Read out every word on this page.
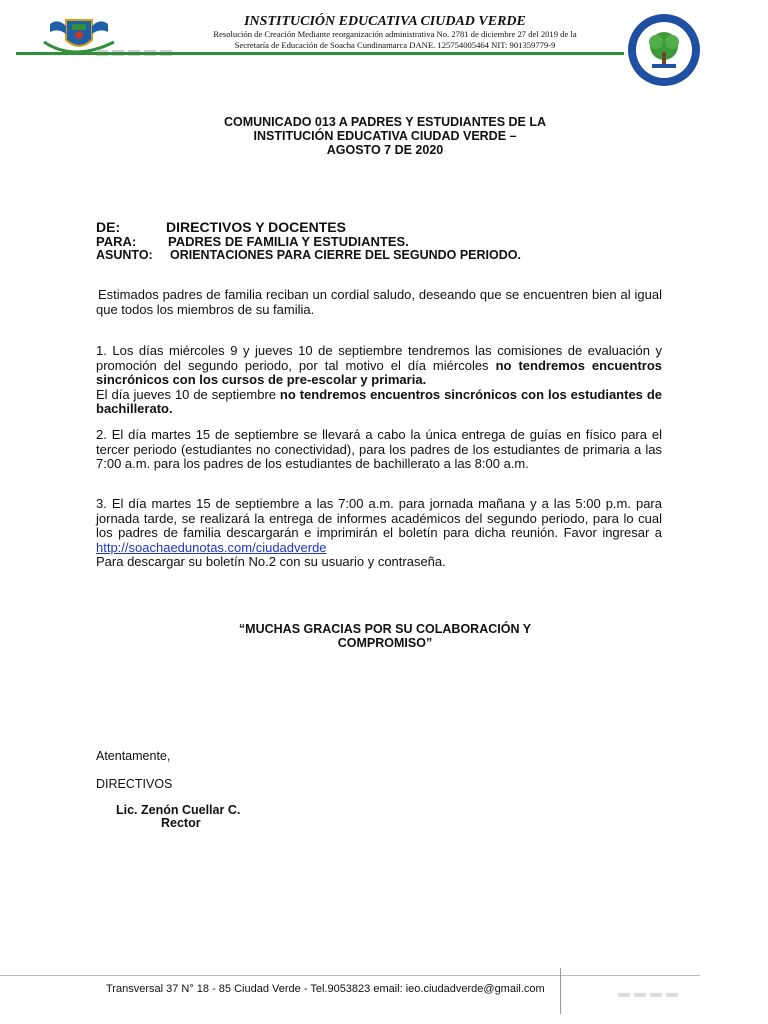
INSTITUCIÓN EDUCATIVA CIUDAD VERDE
Resolución de Creación Mediante reorganización administrativa No. 2781 de diciembre 27 del 2019 de la
Secretaría de Educación de Soacha Cundinamarca DANE. 125754005464 NIT: 901359779-9
COMUNICADO 013 A PADRES Y ESTUDIANTES DE LA
INSTITUCIÓN EDUCATIVA CIUDAD VERDE –
AGOSTO 7 DE 2020
DE:	DIRECTIVOS Y DOCENTES
PARA: PADRES DE FAMILIA Y ESTUDIANTES.
ASUNTO: ORIENTACIONES PARA CIERRE DEL SEGUNDO PERIODO.
Estimados padres de familia reciban un cordial saludo, deseando que se encuentren bien al igual que todos los miembros de su familia.
1. Los días miércoles 9 y jueves 10 de septiembre tendremos las comisiones de evaluación y promoción del segundo periodo, por tal motivo el día miércoles no tendremos encuentros sincrónicos con los cursos de pre-escolar y primaria.
El día jueves 10 de septiembre no tendremos encuentros sincrónicos con los estudiantes de bachillerato.
2. El día martes 15 de septiembre se llevará a cabo la única entrega de guías en físico para el tercer periodo (estudiantes no conectividad), para los padres de los estudiantes de primaria a las 7:00 a.m. para los padres de los estudiantes de bachillerato a las 8:00 a.m.
3. El día martes 15 de septiembre a las 7:00 a.m. para jornada mañana y a las 5:00 p.m. para jornada tarde, se realizará la entrega de informes académicos del segundo periodo, para lo cual los padres de familia descargarán e imprimirán el boletín para dicha reunión. Favor ingresar a http://soachaedunotas.com/ciudadverde
Para descargar su boletín No.2 con su usuario y contraseña.
“MUCHAS GRACIAS POR SU COLABORACIÓN Y
COMPROMISO”
Atentamente,
DIRECTIVOS
Lic. Zenón Cuellar C.
Rector
Transversal 37 N° 18 - 85 Ciudad Verde - Tel.9053823 email: ieo.ciudadverde@gmail.com
